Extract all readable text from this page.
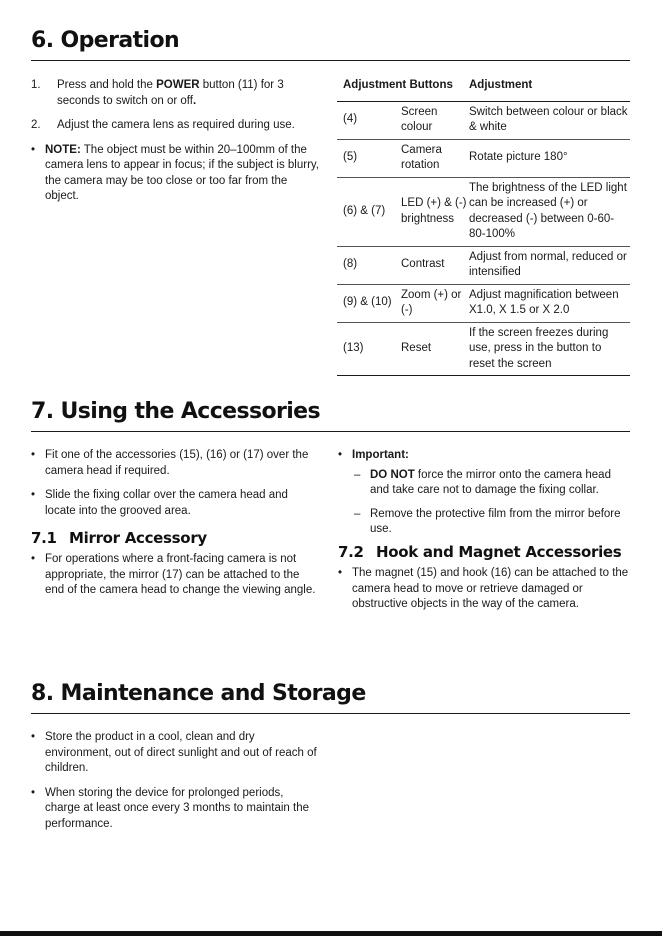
6. Operation
1. Press and hold the POWER button (11) for 3 seconds to switch on or off.
2. Adjust the camera lens as required during use.
• NOTE: The object must be within 20–100mm of the camera lens to appear in focus; if the subject is blurry, the camera may be too close or too far from the object.
Adjustment Buttons		Adjustment
(4)	Screen colour	Switch between colour or black & white
(5)	Camera rotation	Rotate picture 180°
(6) & (7)	LED (+) & (-) brightness	The brightness of the LED light can be increased (+) or decreased (-) between 0-60-80-100%
(8)	Contrast	Adjust from normal, reduced or intensified
(9) & (10)	Zoom (+) or (-)	Adjust magnification between X1.0, X 1.5 or X 2.0
(13)	Reset	If the screen freezes during use, press in the button to reset the screen
7. Using the Accessories
• Fit one of the accessories (15), (16) or (17) over the camera head if required.
• Slide the fixing collar over the camera head and locate into the grooved area.
7.1 Mirror Accessory
• For operations where a front-facing camera is not appropriate, the mirror (17) can be attached to the end of the camera head to change the viewing angle.
• Important:
– DO NOT force the mirror onto the camera head and take care not to damage the fixing collar.
– Remove the protective film from the mirror before use.
7.2 Hook and Magnet Accessories
• The magnet (15) and hook (16) can be attached to the camera head to move or retrieve damaged or obstructive objects in the way of the camera.
8. Maintenance and Storage
• Store the product in a cool, clean and dry environment, out of direct sunlight and out of reach of children.
• When storing the device for prolonged periods, charge at least once every 3 months to maintain the performance.
